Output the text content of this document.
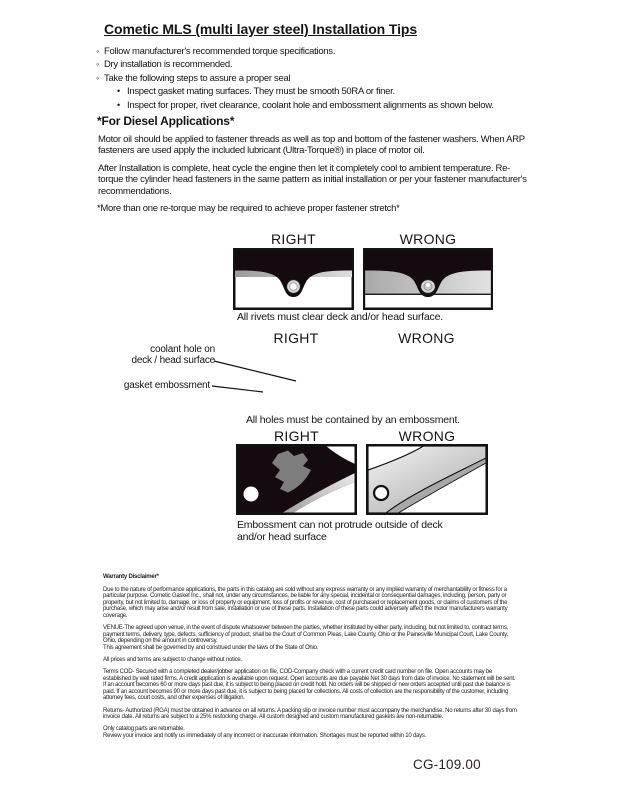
Cometic MLS (multi layer steel) Installation Tips
◦ Follow manufacturer's recommended torque specifications.
◦ Dry installation is recommended.
◦ Take the following steps to assure a proper seal
• Inspect gasket mating surfaces. They must be smooth 50RA or finer.
• Inspect for proper, rivet clearance, coolant hole and embossment alignments as shown below.
*For Diesel Applications*
Motor oil should be applied to fastener threads as well as top and bottom of the fastener washers. When ARP fasteners are used apply the included lubricant (Ultra-Torque®) in place of motor oil.
After Installation is complete, heat cycle the engine then let it completely cool to ambient temperature. Re-torque the cylinder head fasteners in the same pattern as initial installation or per your fastener manufacturer's recommendations.
*More than one re-torque may be required to achieve proper fastener stretch*
RIGHT	WRONG
All rivets must clear deck and/or head surface.
RIGHT	WRONG
coolant hole on
deck / head surface
gasket embossment
All holes must be contained by an embossment.
RIGHT	WRONG
Embossment can not protrude outside of deck
and/or head surface

Warranty Disclaimer*

Due to the nature of performance applications, the parts in this catalog are sold without any express warranty or any implied warranty of merchantability or fitness for a particular purpose. Cometic Gasket Inc., shall not, under any circumstances, be liable for any special, incidental or consequential damages, including, person, party or property, but not limited to, damage, or loss of property or equipment, loss of profits or revenue, cost of purchased or replacement goods, or claims of customers of the purchase, which may arise and/or result from sale, installation or use of these parts. Installation of these parts could adversely affect the motor manufacturers warranty coverage.

VENUE-The agreed upon venue, in the event of dispute whatsoever between the parties, whether instituted by either party, including, but not limited to, contract terms, payment terms, delivery, type, defects, sufficiency of product, shall be the Court of Common Pleas, Lake County, Ohio or the Painesville Municipal Court, Lake County, Ohio, depending on the amount in controversy.

This agreement shall be governed by and construed under the laws of the State of Ohio.

All prices and terms are subject to change without notice.

Terms COD- Secured with a completed dealer/jobber application on file, COD-Company check with a current credit card number on file. Open accounts may be established by well rated firms. A credit application is available upon request. Open accounts are due payable Net 30 days from date of invoice. No statement will be sent. If an account becomes 60 or more days past due, it is subject to being placed on credit hold. No orders will be shipped or new orders accepted until past due balance is paid. If an account becomes 90 or more days past due, it is subject to being placed for collections. All costs of collection are the responsibility of the customer, including attorney fees, court costs, and other expenses of litigation.

Returns- Authorized (RGA) must be obtained in advance on all returns. A packing slip or invoice number must accompany the merchandise. No returns after 30 days from invoice date. All returns are subject to a 25% restocking charge. All custom designed and custom manufactured gaskets are non-returnable.

Only catalog parts are returnable.

Review your invoice and notify us immediately of any incorrect or inaccurate information. Shortages must be reported within 10 days.

CG-109.00
